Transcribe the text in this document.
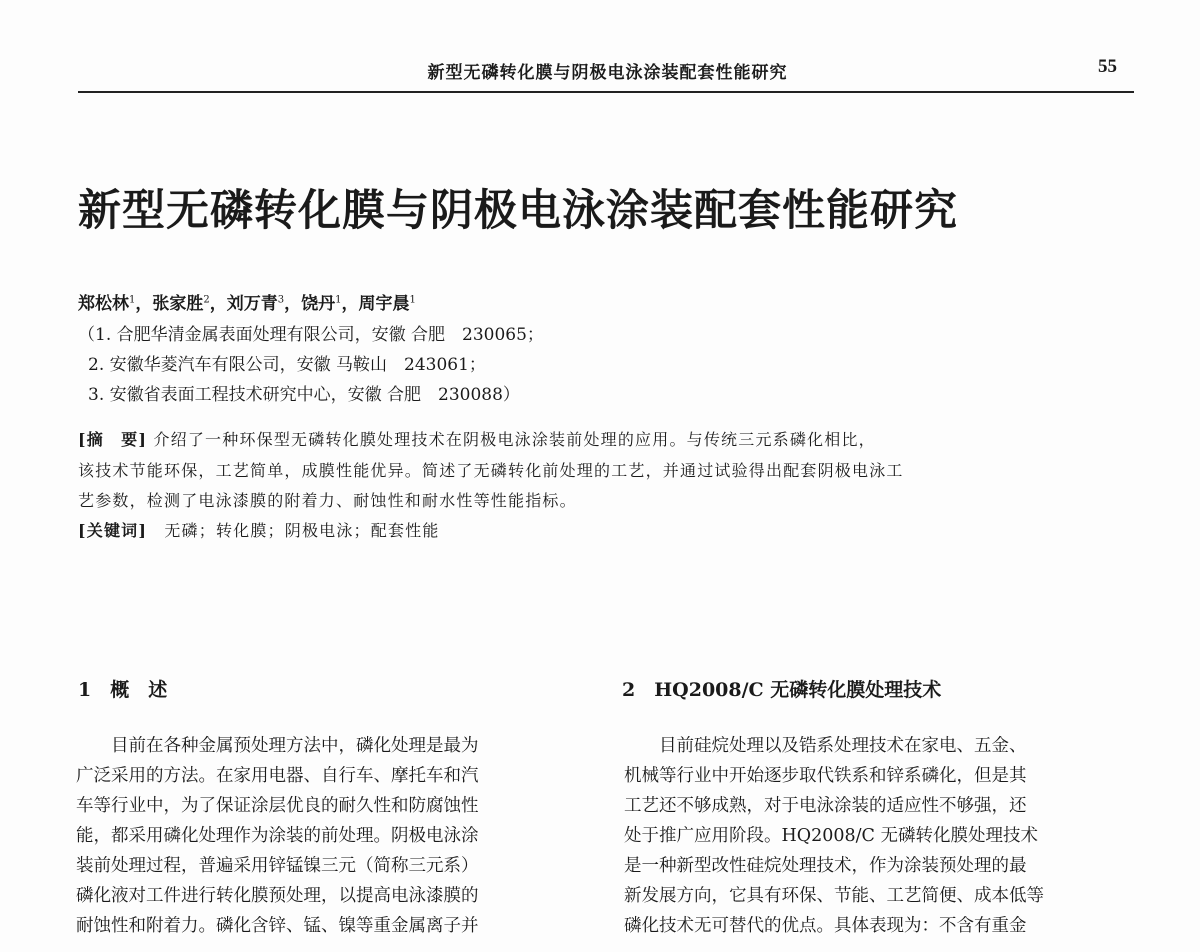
新型无磷转化膜与阴极电泳涂装配套性能研究	55
新型无磷转化膜与阴极电泳涂装配套性能研究
郑松林$^1$，张家胜$^2$，刘万青$^3$，饶丹$^1$，周宇晨$^1$
（1. 合肥华清金属表面处理有限公司，安徽 合肥　230065；
2. 安徽华菱汽车有限公司，安徽 马鞍山　243061；
3. 安徽省表面工程技术研究中心，安徽 合肥　230088）
[摘　要] 介绍了一种环保型无磷转化膜处理技术在阴极电泳涂装前处理的应用。与传统三元系磷化相比，
该技术节能环保，工艺简单，成膜性能优异。简述了无磷转化前处理的工艺，并通过试验得出配套阴极电泳工
艺参数，检测了电泳漆膜的附着力、耐蚀性和耐水性等性能指标。
[关键词]　 无磷；转化膜；阴极电泳；配套性能
1　概　述	2　HQ2008/C 无磷转化膜处理技术

　　目前在各种金属预处理方法中，磷化处理是最为

广泛采用的方法。在家用电器、自行车、摩托车和汽

车等行业中，为了保证涂层优良的耐久性和防腐蚀性

能，都采用磷化处理作为涂装的前处理。阴极电泳涂

装前处理过程，普遍采用锌锰镍三元（简称三元系）

磷化液对工件进行转化膜预处理，以提高电泳漆膜的

耐蚀性和附着力。磷化含锌、锰、镍等重金属离子并

　　目前硅烷处理以及锆系处理技术在家电、五金、

机械等行业中开始逐步取代铁系和锌系磷化，但是其

工艺还不够成熟，对于电泳涂装的适应性不够强，还

处于推广应用阶段。HQ2008/C 无磷转化膜处理技术

是一种新型改性硅烷处理技术，作为涂装预处理的最

新发展方向，它具有环保、节能、工艺简便、成本低等

磷化技术无可替代的优点。具体表现为：不含有重金
